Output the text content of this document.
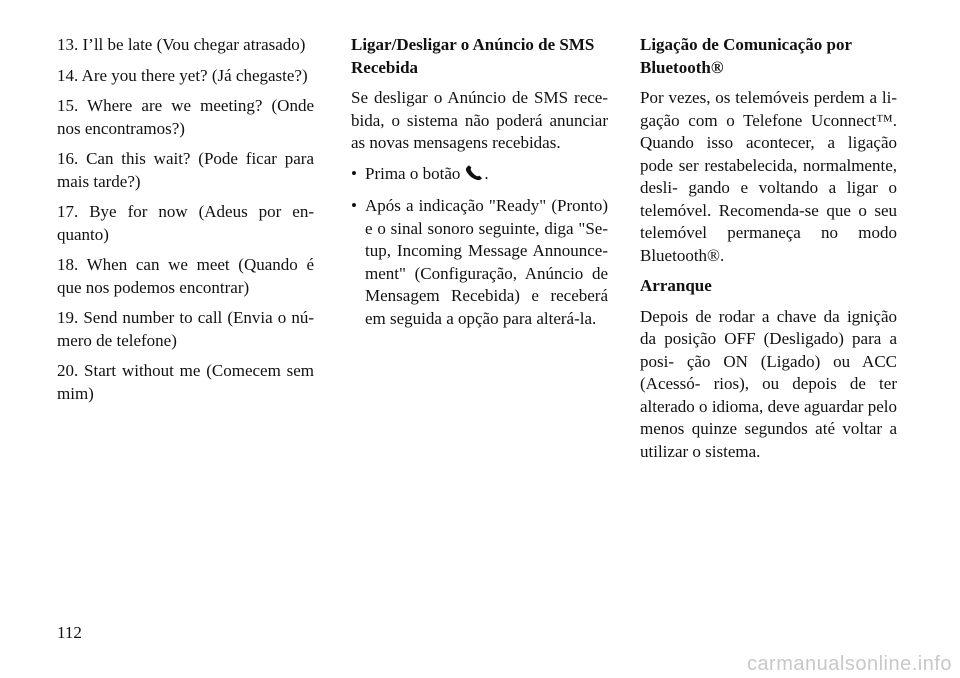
13. I’ll be late (Vou chegar atrasado)

14. Are you there yet? (Já chegaste?)

15. Where are we meeting? (Onde nos encontramos?)

16. Can this wait? (Pode ficar para mais tarde?)

17. Bye for now (Adeus por en- quanto)

18. When can we meet (Quando é que nos podemos encontrar)

19. Send number to call (Envia o nú- mero de telefone)

20. Start without me (Comecem sem mim)

Ligar/Desligar o Anúncio de SMS Recebida

Se desligar o Anúncio de SMS rece- bida, o sistema não poderá anunciar as novas mensagens recebidas.

• Prima o botão .
• Após a indicação "Ready" (Pronto) e o sinal sonoro seguinte, diga "Se- tup, Incoming Message Announce- ment" (Configuração, Anúncio de Mensagem Recebida) e receberá em seguida a opção para alterá-la.
Ligação de Comunicação por Bluetooth®

Por vezes, os telemóveis perdem a li- gação com o Telefone Uconnect™. Quando isso acontecer, a ligação pode ser restabelecida, normalmente, desli- gando e voltando a ligar o telemóvel. Recomenda-se que o seu telemóvel permaneça no modo Bluetooth®.

Arranque

Depois de rodar a chave da ignição da posição OFF (Desligado) para a posi- ção ON (Ligado) ou ACC (Acessó- rios), ou depois de ter alterado o idioma, deve aguardar pelo menos quinze segundos até voltar a utilizar o sistema.

112
carmanualsonline.info
